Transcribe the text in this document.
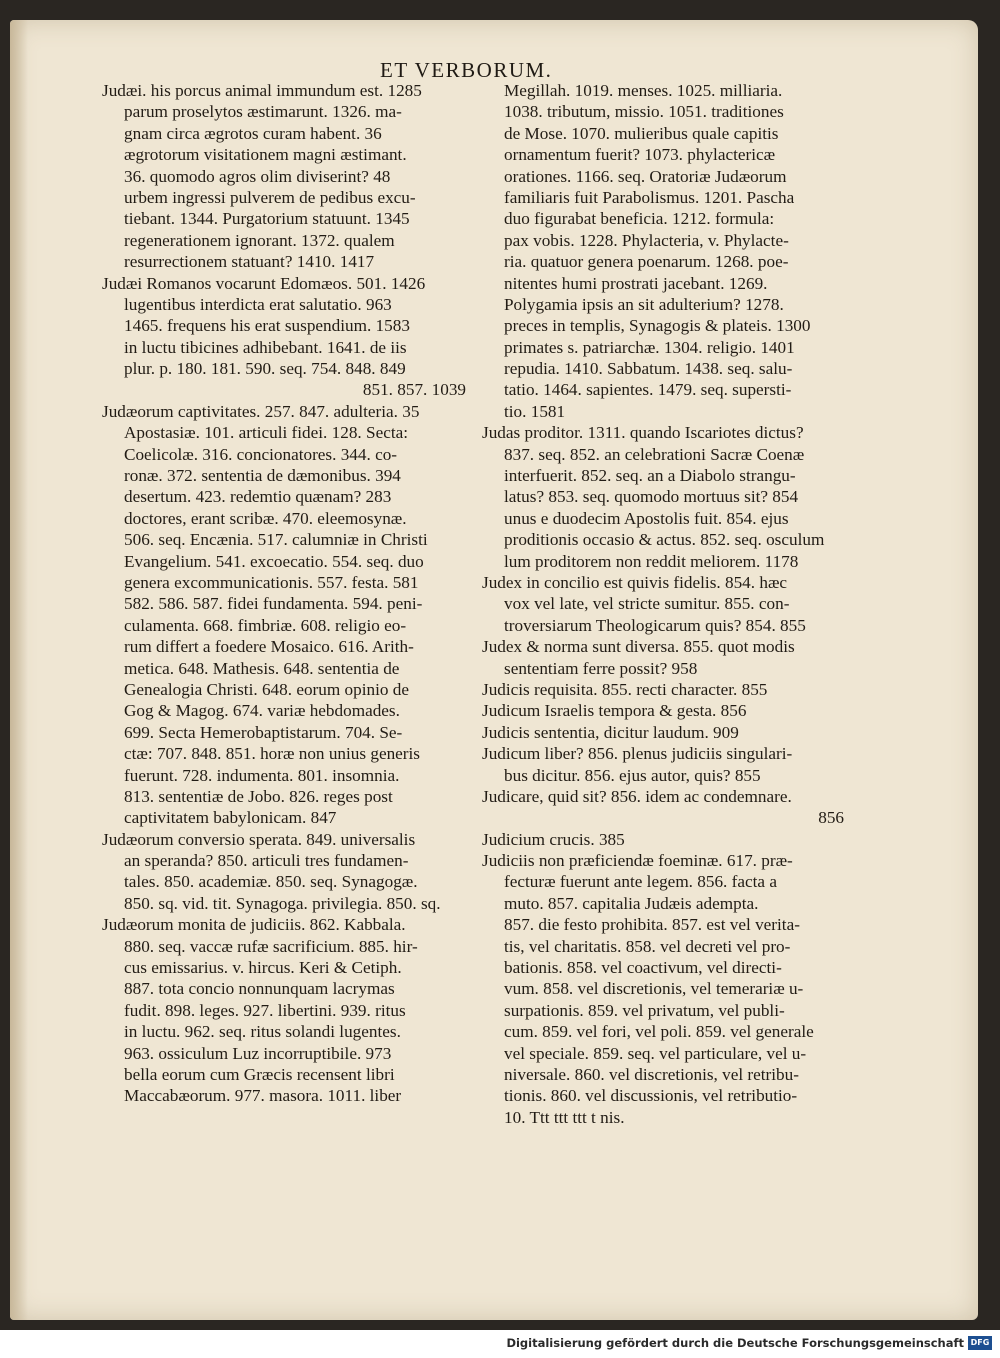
ET VERBORUM.
Judæi. his porcus animal immundum est. 1285
parum proselytos æstimarunt. 1326. ma-
gnam circa ægrotos curam habent. 36
ægrotorum visitationem magni æstimant.
36. quomodo agros olim diviserint? 48
urbem ingressi pulverem de pedibus excu-
tiebant. 1344. Purgatorium statuunt. 1345
regenerationem ignorant. 1372. qualem
resurrectionem statuant? 1410. 1417
Judæi Romanos vocarunt Edomæos. 501. 1426
lugentibus interdicta erat salutatio. 963
1465. frequens his erat suspendium. 1583
in luctu tibicines adhibebant. 1641. de iis
plur. p. 180. 181. 590. seq. 754. 848. 849
851. 857. 1039
Judæorum captivitates. 257. 847. adulteria. 35
Apostasiæ. 101. articuli fidei. 128. Secta:
Coelicolæ. 316. concionatores. 344. co-
ronæ. 372. sententia de dæmonibus. 394
desertum. 423. redemtio quænam? 283
doctores, erant scribæ. 470. eleemosynæ.
506. seq. Encænia. 517. calumniæ in Christi
Evangelium. 541. excoecatio. 554. seq. duo
genera excommunicationis. 557. festa. 581
582. 586. 587. fidei fundamenta. 594. peni-
culamenta. 668. fimbriæ. 608. religio eo-
rum differt a foedere Mosaico. 616. Arith-
metica. 648. Mathesis. 648. sententia de
Genealogia Christi. 648. eorum opinio de
Gog & Magog. 674. variæ hebdomades.
699. Secta Hemerobaptistarum. 704. Se-
ctæ: 707. 848. 851. horæ non unius generis
fuerunt. 728. indumenta. 801. insomnia.
813. sententiæ de Jobo. 826. reges post
captivitatem babylonicam. 847
Judæorum conversio sperata. 849. universalis
an speranda? 850. articuli tres fundamen-
tales. 850. academiæ. 850. seq. Synagogæ.
850. sq. vid. tit. Synagoga. privilegia. 850. sq.
Judæorum monita de judiciis. 862. Kabbala.
880. seq. vaccæ rufæ sacrificium. 885. hir-
cus emissarius. v. hircus. Keri & Cetiph.
887. tota concio nonnunquam lacrymas
fudit. 898. leges. 927. libertini. 939. ritus
in luctu. 962. seq. ritus solandi lugentes.
963. ossiculum Luz incorruptibile. 973
bella eorum cum Græcis recensent libri
Maccabæorum. 977. masora. 1011. liber
Megillah. 1019. menses. 1025. milliaria.
1038. tributum, missio. 1051. traditiones
de Mose. 1070. mulieribus quale capitis
ornamentum fuerit? 1073. phylactericæ
orationes. 1166. seq. Oratoriæ Judæorum
familiaris fuit Parabolismus. 1201. Pascha
duo figurabat beneficia. 1212. formula:
pax vobis. 1228. Phylacteria, v. Phylacte-
ria. quatuor genera poenarum. 1268. poe-
nitentes humi prostrati jacebant. 1269.
Polygamia ipsis an sit adulterium? 1278.
preces in templis, Synagogis & plateis. 1300
primates s. patriarchæ. 1304. religio. 1401
repudia. 1410. Sabbatum. 1438. seq. salu-
tatio. 1464. sapientes. 1479. seq. supersti-
tio. 1581
Judas proditor. 1311. quando Iscariotes dictus?
837. seq. 852. an celebrationi Sacræ Coenæ
interfuerit. 852. seq. an a Diabolo strangu-
latus? 853. seq. quomodo mortuus sit? 854
unus e duodecim Apostolis fuit. 854. ejus
proditionis occasio & actus. 852. seq. osculum
lum proditorem non reddit meliorem. 1178
Judex in concilio est quivis fidelis. 854. hæc
vox vel late, vel stricte sumitur. 855. con-
troversiarum Theologicarum quis? 854. 855
Judex & norma sunt diversa. 855. quot modis
sententiam ferre possit? 958
Judicis requisita. 855. recti character. 855
Judicum Israelis tempora & gesta. 856
Judicis sententia, dicitur laudum. 909
Judicum liber? 856. plenus judiciis singulari-
bus dicitur. 856. ejus autor, quis? 855
Judicare, quid sit? 856. idem ac condemnare.
856
Judicium crucis. 385
Judiciis non præficiendæ foeminæ. 617. præ-
fecturæ fuerunt ante legem. 856. facta a
muto. 857. capitalia Judæis adempta.
857. die festo prohibita. 857. est vel verita-
tis, vel charitatis. 858. vel decreti vel pro-
bationis. 858. vel coactivum, vel directi-
vum. 858. vel discretionis, vel temerariæ u-
surpationis. 859. vel privatum, vel publi-
cum. 859. vel fori, vel poli. 859. vel generale
vel speciale. 859. seq. vel particulare, vel u-
niversale. 860. vel discretionis, vel retribu-
tionis. 860. vel discussionis, vel retributio-
10. Ttt ttt ttt t nis.
Digitalisierung gefördert durch die Deutsche Forschungsgemeinschaft DFG
